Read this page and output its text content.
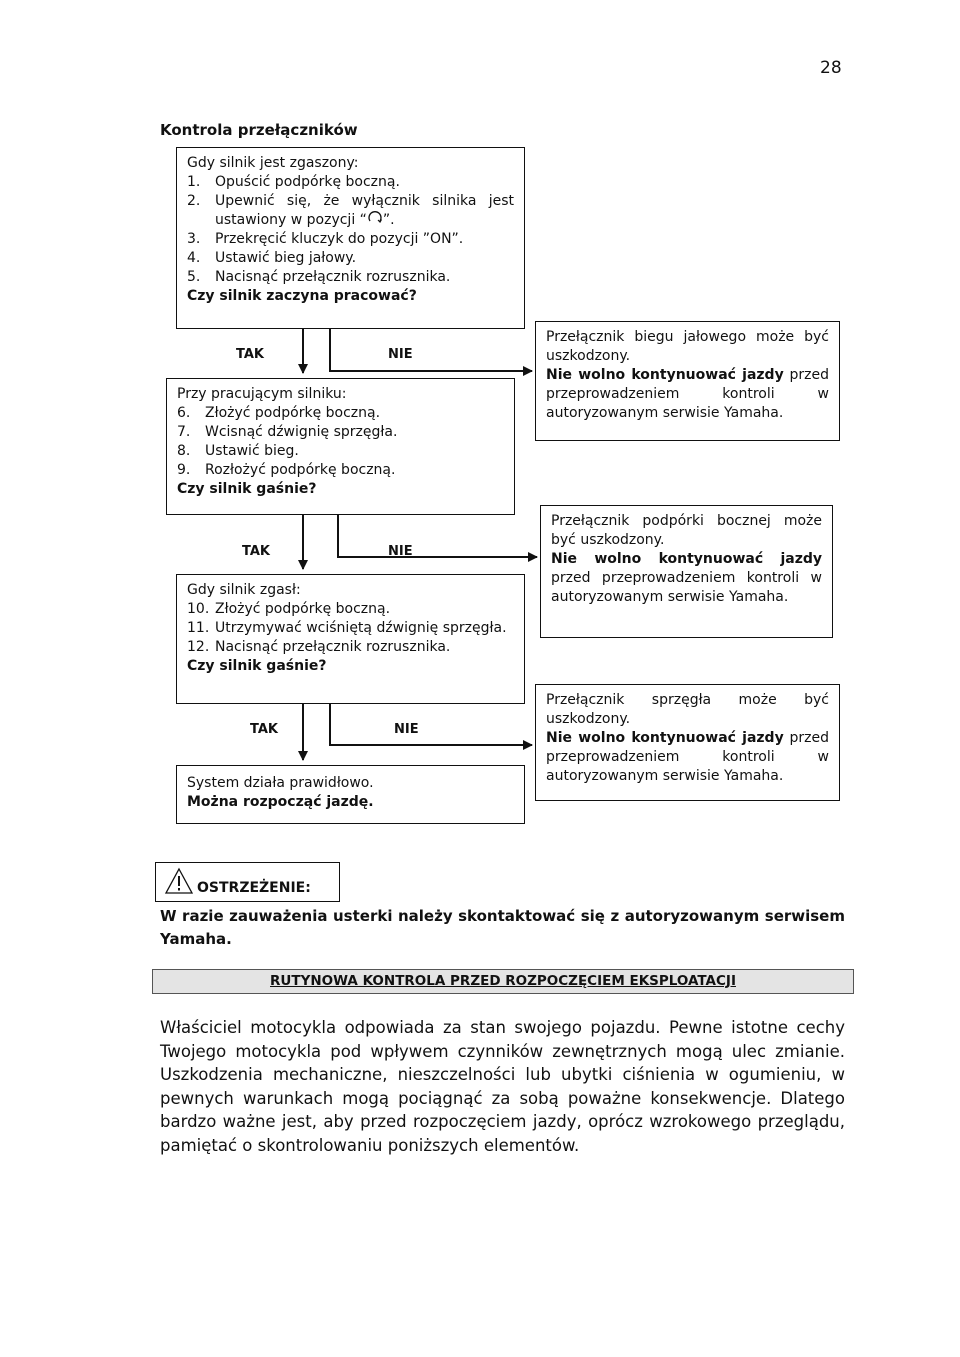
28
Kontrola przełączników

Gdy silnik jest zgaszony:

1.	Opuścić podpórkę boczną.
2.	Upewnić się, że wyłącznik silnika jest ustawiony w pozycji “ ”.
3.	Przekręcić kluczyk do pozycji ”ON”.
4.	Ustawić bieg jałowy.
5.	Nacisnąć przełącznik rozrusznika.

Czy silnik zaczyna pracować?

Przy pracującym silniku:

6.	Złożyć podpórkę boczną.
7.	Wcisnąć dźwignię sprzęgła.
8.	Ustawić bieg.
9.	Rozłożyć podpórkę boczną.

Czy silnik gaśnie?

Gdy silnik zgasł:

10. Złożyć podpórkę boczną.
11. Utrzymywać wciśniętą dźwignię sprzęgła.
12. Nacisnąć przełącznik rozrusznika.

Czy silnik gaśnie?

System działa prawidłowo.

Można rozpocząć jazdę.

Przełącznik biegu jałowego może być uszkodzony.

Nie wolno kontynuować jazdy przed przeprowadzeniem kontroli w autoryzowanym serwisie Yamaha.

Przełącznik podpórki bocznej może być uszkodzony.

Nie wolno kontynuować jazdy przed przeprowadzeniem kontroli w autoryzowanym serwisie Yamaha.

Przełącznik sprzęgła może być uszkodzony.

Nie wolno kontynuować jazdy przed przeprowadzeniem kontroli w autoryzowanym serwisie Yamaha.

TAK	NIE
TAK	NIE
TAK	NIE
OSTRZEŻENIE:
W razie zauważenia usterki należy skontaktować się z autoryzowanym serwisem Yamaha.
RUTYNOWA KONTROLA PRZED ROZPOCZĘCIEM EKSPLOATACJI
Właściciel motocykla odpowiada za stan swojego pojazdu. Pewne istotne cechy Twojego motocykla pod wpływem czynników zewnętrznych mogą ulec zmianie. Uszkodzenia mechaniczne, nieszczelności lub ubytki ciśnienia w ogumieniu, w pewnych warunkach mogą pociągnąć za sobą poważne konsekwencje. Dlatego bardzo ważne jest, aby przed rozpoczęciem jazdy, oprócz wzrokowego przeglądu, pamiętać o skontrolowaniu poniższych elementów.
